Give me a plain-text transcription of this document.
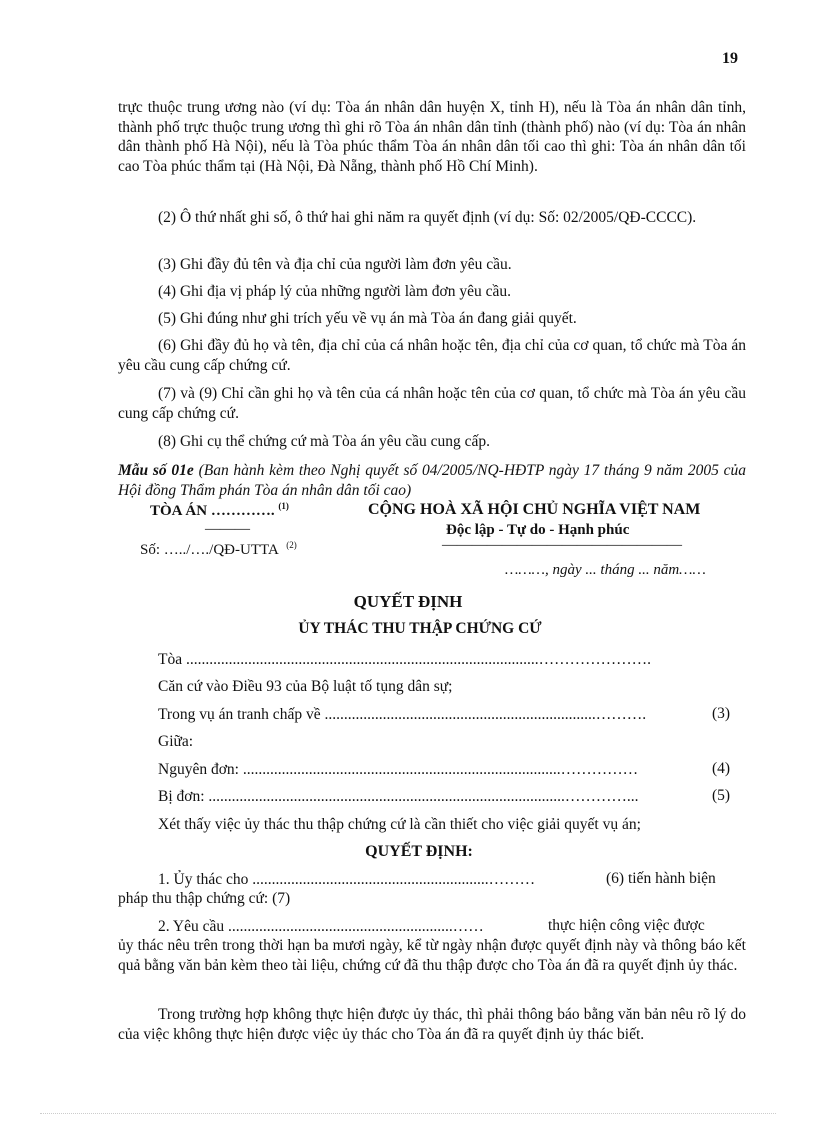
19
trực thuộc trung ương nào (ví dụ: Tòa án nhân dân huyện X, tỉnh H), nếu là Tòa án nhân dân tỉnh, thành phố trực thuộc trung ương thì ghi rõ Tòa án nhân dân tỉnh (thành phố) nào (ví dụ: Tòa án nhân dân thành phố Hà Nội), nếu là Tòa phúc thẩm Tòa án nhân dân tối cao thì ghi: Tòa án nhân dân tối cao Tòa phúc thẩm tại (Hà Nội, Đà Nẵng, thành phố Hồ Chí Minh).
(2) Ô thứ nhất ghi số, ô thứ hai ghi năm ra quyết định (ví dụ: Số: 02/2005/QĐ-CCCC).
(3) Ghi đầy đủ tên và địa chỉ của người làm đơn yêu cầu.
(4) Ghi địa vị pháp lý của những người làm đơn yêu cầu.
(5) Ghi đúng như ghi trích yếu về vụ án mà Tòa án đang giải quyết.
(6) Ghi đầy đủ họ và tên, địa chỉ của cá nhân hoặc tên, địa chỉ của cơ quan, tổ chức mà Tòa án yêu cầu cung cấp chứng cứ.
(7) và (9) Chỉ cần ghi họ và tên của cá nhân hoặc tên của cơ quan, tổ chức mà Tòa án yêu cầu cung cấp chứng cứ.
(8) Ghi cụ thể chứng cứ mà Tòa án yêu cầu cung cấp.
Mẫu số 01e (Ban hành kèm theo Nghị quyết số 04/2005/NQ-HĐTP ngày 17 tháng 9 năm 2005 của Hội đồng Thẩm phán Tòa án nhân dân tối cao)
TÒA ÁN …………. $^{(1)}$
———
Số: …../…./QĐ-UTTA $^{(2)}$
CỘNG HOÀ XÃ HỘI CHỦ NGHĨA VIỆT NAM
Độc lập - Tự do - Hạnh phúc
————————————————
………, ngày ... tháng ... năm……
QUYẾT ĐỊNH
ỦY THÁC THU THẬP CHỨNG CỨ
Tòa ...........................................................................................………………….
Căn cứ vào Điều 93 của Bộ luật tố tụng dân sự;
Trong vụ án tranh chấp về ......................................................................……….	(3)
Giữa:
Nguyên đơn: ..................................................................................……………	(4)
Bị đơn: ............................................................................................…………...	(5)
Xét thấy việc ủy thác thu thập chứng cứ là cần thiết cho việc giải quyết vụ án;
QUYẾT ĐỊNH:
1. Ủy thác cho .............................................................………	(6) tiến hành biện
pháp thu thập chứng cứ: (7)
2. Yêu cầu ..........................................................……	thực hiện công việc được
ủy thác nêu trên trong thời hạn ba mươi ngày, kể từ ngày nhận được quyết định này và thông báo kết quả bằng văn bản kèm theo tài liệu, chứng cứ đã thu thập được cho Tòa án đã ra quyết định ủy thác.
Trong trường hợp không thực hiện được ủy thác, thì phải thông báo bằng văn bản nêu rõ lý do của việc không thực hiện được việc ủy thác cho Tòa án đã ra quyết định ủy thác biết.
